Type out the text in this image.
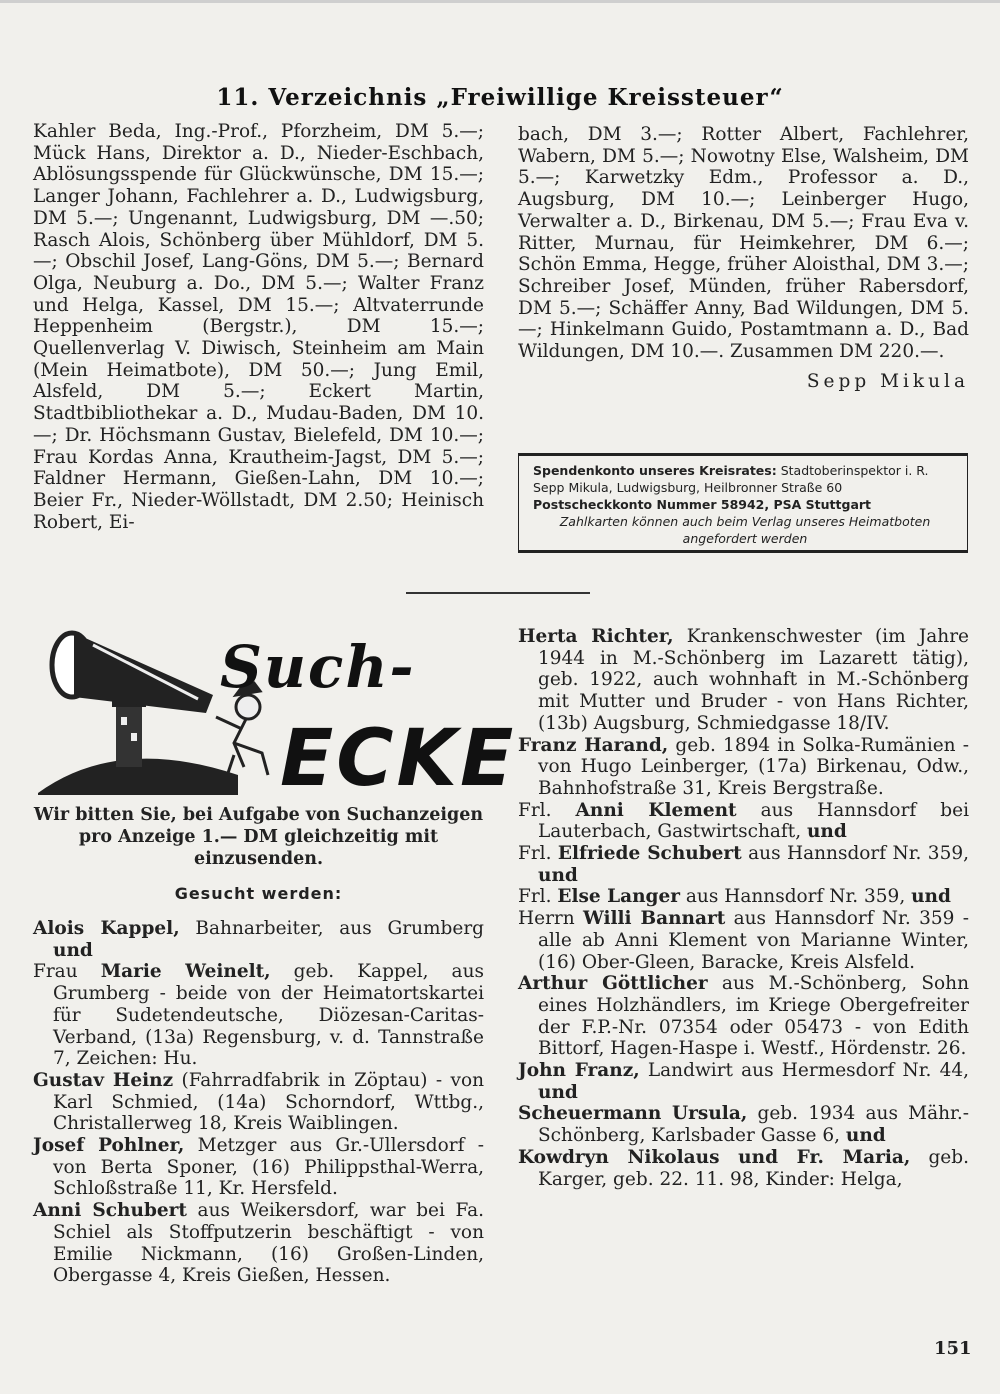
11. Verzeichnis „Freiwillige Kreissteuer“

Kahler Beda, Ing.-Prof., Pforzheim, DM 5.—; Mück Hans, Direktor a. D., Nieder-Eschbach, Ablösungsspende für Glückwünsche, DM 15.—; Langer Johann, Fachlehrer a. D., Ludwigsburg, DM 5.—; Ungenannt, Ludwigsburg, DM —.50; Rasch Alois, Schönberg über Mühldorf, DM 5.—; Obschil Josef, Lang-Göns, DM 5.—; Bernard Olga, Neuburg a. Do., DM 5.—; Walter Franz und Helga, Kassel, DM 15.—; Altvaterrunde Heppenheim (Bergstr.), DM 15.—; Quellenverlag V. Diwisch, Steinheim am Main (Mein Heimatbote), DM 50.—; Jung Emil, Alsfeld, DM 5.—; Eckert Martin, Stadtbibliothekar a. D., Mudau-Baden, DM 10.—; Dr. Höchsmann Gustav, Bielefeld, DM 10.—; Frau Kordas Anna, Krautheim-Jagst, DM 5.—; Faldner Hermann, Gießen-Lahn, DM 10.—; Beier Fr., Nieder-Wöllstadt, DM 2.50; Heinisch Robert, Ei-

bach, DM 3.—; Rotter Albert, Fachlehrer, Wabern, DM 5.—; Nowotny Else, Walsheim, DM 5.—; Karwetzky Edm., Professor a. D., Augsburg, DM 10.—; Leinberger Hugo, Verwalter a. D., Birkenau, DM 5.—; Frau Eva v. Ritter, Murnau, für Heimkehrer, DM 6.—; Schön Emma, Hegge, früher Aloisthal, DM 3.—; Schreiber Josef, Münden, früher Rabersdorf, DM 5.—; Schäffer Anny, Bad Wildungen, DM 5.—; Hinkelmann Guido, Postamtmann a. D., Bad Wildungen, DM 10.—. Zusammen DM 220.—.

Sepp Mikula

Spendenkonto unseres Kreisrates: Stadtoberinspektor i. R. Sepp Mikula, Ludwigsburg, Heilbronner Straße 60

Postscheckkonto Nummer 58942, PSA Stuttgart

Zahlkarten können auch beim Verlag unseres Heimatboten angefordert werden

Such-
ECKE
Wir bitten Sie, bei Aufgabe von Suchanzeigen pro Anzeige 1.— DM gleichzeitig mit einzusenden.
Gesucht werden:

Alois Kappel, Bahnarbeiter, aus Grumberg und

Frau Marie Weinelt, geb. Kappel, aus Grumberg - beide von der Heimatortskartei für Sudetendeutsche, Diözesan-Caritas-Verband, (13a) Regensburg, v. d. Tannstraße 7, Zeichen: Hu.

Gustav Heinz (Fahrradfabrik in Zöptau) - von Karl Schmied, (14a) Schorndorf, Wttbg., Christallerweg 18, Kreis Waiblingen.

Josef Pohlner, Metzger aus Gr.-Ullersdorf - von Berta Sponer, (16) Philippsthal-Werra, Schloßstraße 11, Kr. Hersfeld.

Anni Schubert aus Weikersdorf, war bei Fa. Schiel als Stoffputzerin beschäftigt - von Emilie Nickmann, (16) Großen-Linden, Obergasse 4, Kreis Gießen, Hessen.

Herta Richter, Krankenschwester (im Jahre 1944 in M.-Schönberg im Lazarett tätig), geb. 1922, auch wohnhaft in M.-Schönberg mit Mutter und Bruder - von Hans Richter, (13b) Augsburg, Schmiedgasse 18/IV.

Franz Harand, geb. 1894 in Solka-Rumänien - von Hugo Leinberger, (17a) Birkenau, Odw., Bahnhofstraße 31, Kreis Bergstraße.

Frl. Anni Klement aus Hannsdorf bei Lauterbach, Gastwirtschaft, und

Frl. Elfriede Schubert aus Hannsdorf Nr. 359, und

Frl. Else Langer aus Hannsdorf Nr. 359, und

Herrn Willi Bannart aus Hannsdorf Nr. 359 - alle ab Anni Klement von Marianne Winter, (16) Ober-Gleen, Baracke, Kreis Alsfeld.

Arthur Göttlicher aus M.-Schönberg, Sohn eines Holzhändlers, im Kriege Obergefreiter der F.P.-Nr. 07354 oder 05473 - von Edith Bittorf, Hagen-Haspe i. Westf., Hördenstr. 26.

John Franz, Landwirt aus Hermesdorf Nr. 44, und

Scheuermann Ursula, geb. 1934 aus Mähr.-Schönberg, Karlsbader Gasse 6, und

Kowdryn Nikolaus und Fr. Maria, geb. Karger, geb. 22. 11. 98, Kinder: Helga,

151
